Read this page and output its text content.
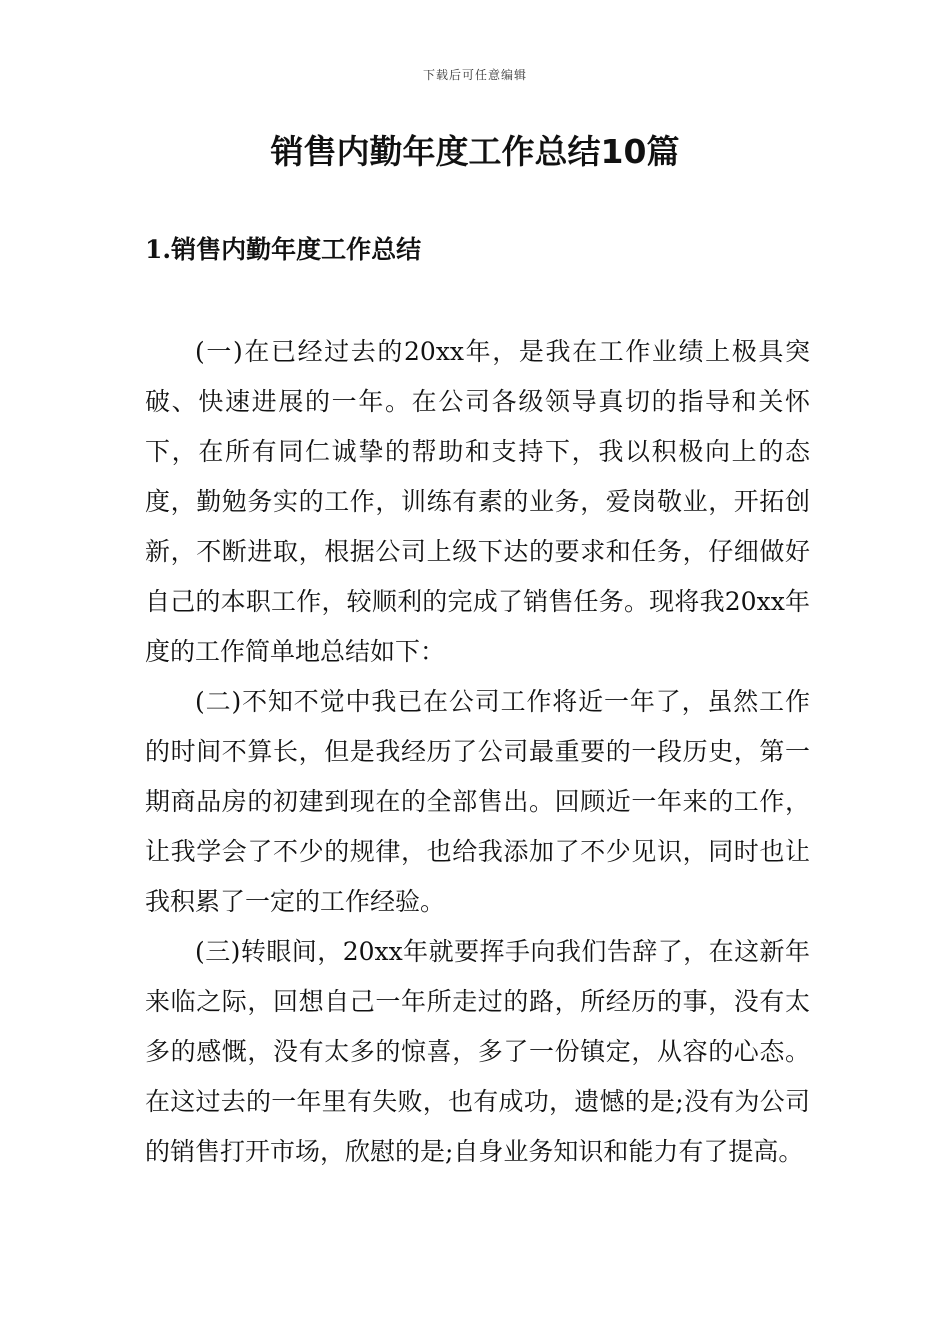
下载后可任意编辑
销售内勤年度工作总结10篇
1.销售内勤年度工作总结

(一)在已经过去的20xx年，是我在工作业绩上极具突破、快速进展的一年。在公司各级领导真切的指导和关怀下，在所有同仁诚挚的帮助和支持下，我以积极向上的态度，勤勉务实的工作，训练有素的业务，爱岗敬业，开拓创新，不断进取，根据公司上级下达的要求和任务，仔细做好自己的本职工作，较顺利的完成了销售任务。现将我20xx年度的工作简单地总结如下：

(二)不知不觉中我已在公司工作将近一年了，虽然工作的时间不算长，但是我经历了公司最重要的一段历史，第一期商品房的初建到现在的全部售出。回顾近一年来的工作，让我学会了不少的规律，也给我添加了不少见识，同时也让我积累了一定的工作经验。

(三)转眼间，20xx年就要挥手向我们告辞了，在这新年来临之际，回想自己一年所走过的路，所经历的事，没有太多的感慨，没有太多的惊喜，多了一份镇定，从容的心态。在这过去的一年里有失败，也有成功，遗憾的是;没有为公司的销售打开市场，欣慰的是;自身业务知识和能力有了提高。
